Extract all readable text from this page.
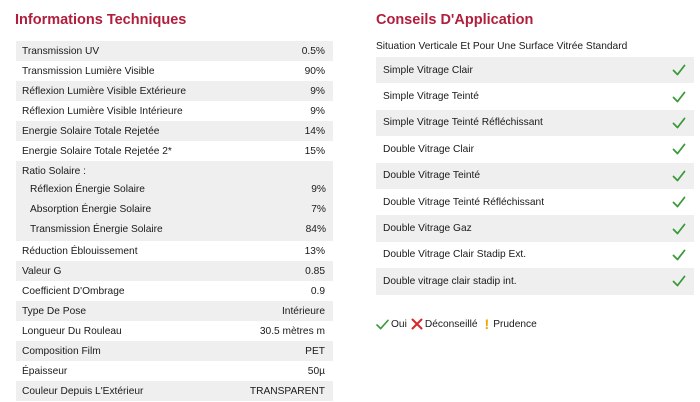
Informations Techniques
Transmission UV	0.5%
Transmission Lumière Visible	90%
Réflexion Lumière Visible Extérieure	9%
Réflexion Lumière Visible Intérieure	9%
Energie Solaire Totale Rejetée	14%
Energie Solaire Totale Rejetée 2*	15%
Ratio Solaire :
Réflexion Énergie Solaire	9%
Absorption Énergie Solaire	7%
Transmission Énergie Solaire	84%
Réduction Éblouissement	13%
Valeur G	0.85
Coefficient D'Ombrage	0.9
Type De Pose	Intérieure
Longueur Du Rouleau	30.5 mètres m
Composition Film	PET
Épaisseur	50µ
Couleur Depuis L'Extérieur	TRANSPARENT
Conseils D'Application
Situation Verticale Et Pour Une Surface Vitrée Standard
Simple Vitrage Clair
Simple Vitrage Teinté
Simple Vitrage Teinté Réfléchissant
Double Vitrage Clair
Double Vitrage Teinté
Double Vitrage Teinté Réfléchissant
Double Vitrage Gaz
Double Vitrage Clair Stadip Ext.
Double vitrage clair stadip int.
Oui Déconseillé ! Prudence
